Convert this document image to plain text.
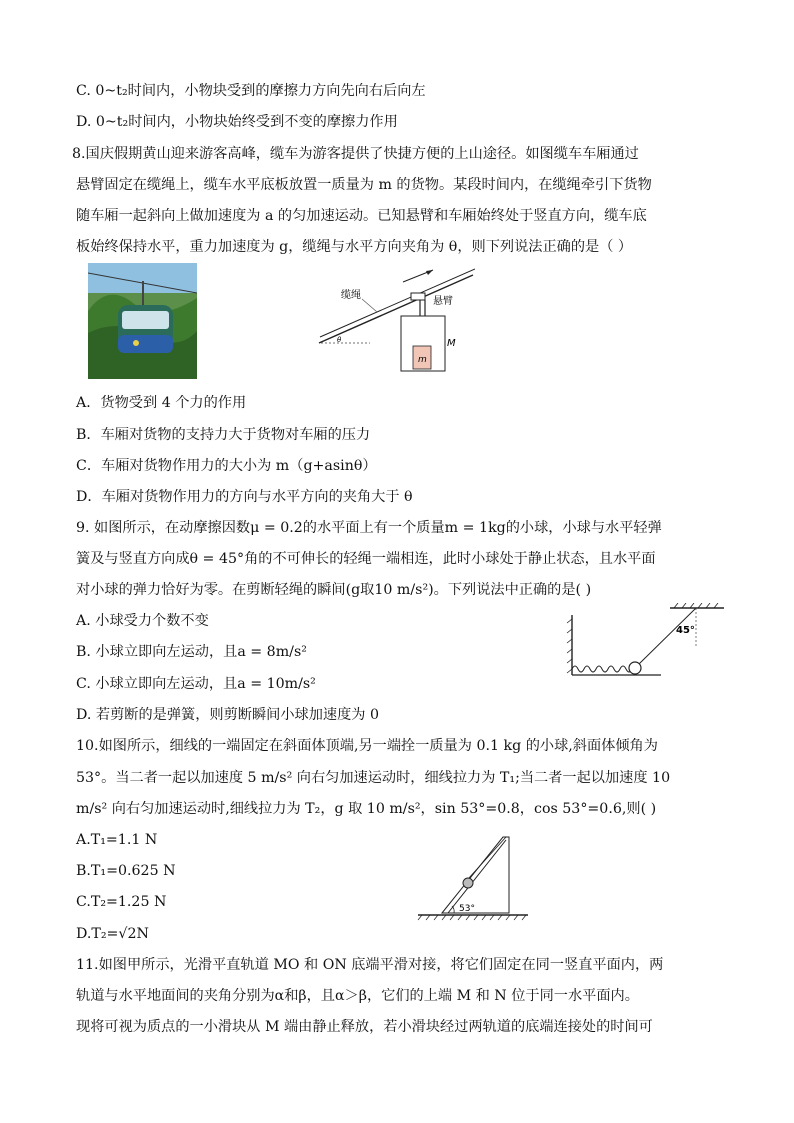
C. 0~t₂时间内，小物块受到的摩擦力方向先向右后向左
D. 0~t₂时间内，小物块始终受到不变的摩擦力作用
8.国庆假期黄山迎来游客高峰，缆车为游客提供了快捷方便的上山途径。如图缆车车厢通过
悬臂固定在缆绳上，缆车水平底板放置一质量为 m 的货物。某段时间内，在缆绳牵引下货物
随车厢一起斜向上做加速度为 a 的匀加速运动。已知悬臂和车厢始终处于竖直方向，缆车底
板始终保持水平，重力加速度为 g，缆绳与水平方向夹角为 θ，则下列说法正确的是（ ）
θ
缆绳
悬臂
M
m
A．货物受到 4 个力的作用
B．车厢对货物的支持力大于货物对车厢的压力
C．车厢对货物作用力的大小为 m（g+asinθ）
D．车厢对货物作用力的方向与水平方向的夹角大于 θ
9. 如图所示，在动摩擦因数μ = 0.2的水平面上有一个质量m = 1kg的小球，小球与水平轻弹
簧及与竖直方向成θ = 45°角的不可伸长的轻绳一端相连，此时小球处于静止状态，且水平面
对小球的弹力恰好为零。在剪断轻绳的瞬间(g取10 m/s²)。下列说法中正确的是( )
A. 小球受力个数不变
B. 小球立即向左运动，且a = 8m/s²
C. 小球立即向左运动，且a = 10m/s²
D. 若剪断的是弹簧，则剪断瞬间小球加速度为 0
45°
10.如图所示，细线的一端固定在斜面体顶端,另一端拴一质量为 0.1 kg 的小球,斜面体倾角为
53°。当二者一起以加速度 5 m/s² 向右匀加速运动时，细线拉力为 T₁;当二者一起以加速度 10
m/s² 向右匀加速运动时,细线拉力为 T₂，g 取 10 m/s²，sin 53°=0.8，cos 53°=0.6,则( )
A.T₁=1.1 N
B.T₁=0.625 N
C.T₂=1.25 N
D.T₂=√2N
53°
11.如图甲所示，光滑平直轨道 MO 和 ON 底端平滑对接，将它们固定在同一竖直平面内，两
轨道与水平地面间的夹角分别为α和β，且α＞β，它们的上端 M 和 N 位于同一水平面内。
现将可视为质点的一小滑块从 M 端由静止释放，若小滑块经过两轨道的底端连接处的时间可
